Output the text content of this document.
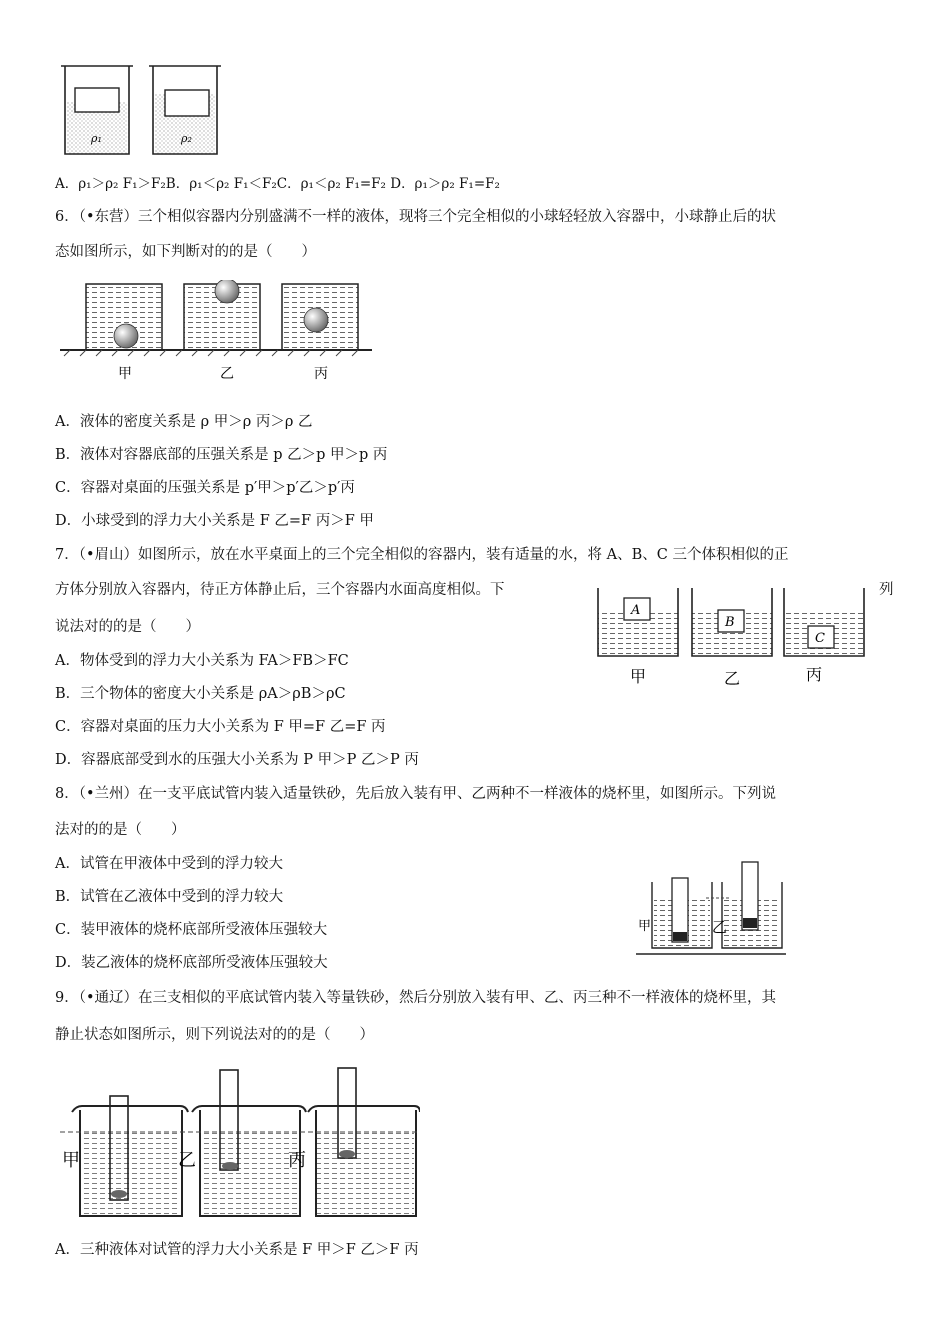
ρ₁	ρ₂
A．ρ₁＞ρ₂ F₁＞F₂B．ρ₁＜ρ₂ F₁＜F₂C．ρ₁＜ρ₂ F₁=F₂ D．ρ₁＞ρ₂ F₁=F₂
6．（•东营）三个相似容器内分别盛满不一样的液体，现将三个完全相似的小球轻轻放入容器中，小球静止后的状
态如图所示，如下判断对的的是（　　）
甲	乙	丙
A．液体的密度关系是 ρ 甲＞ρ 丙＞ρ 乙
B．液体对容器底部的压强关系是 p 乙＞p 甲＞p 丙
C．容器对桌面的压强关系是 p′甲＞p′乙＞p′丙
D．小球受到的浮力大小关系是 F 乙=F 丙＞F 甲
7．（•眉山）如图所示，放在水平桌面上的三个完全相似的容器内，装有适量的水，将 A、B、C 三个体积相似的正
方体分别放入容器内，待正方体静止后，三个容器内水面高度相似。下	列
说法对的的是（　　）
A
B
C
甲	乙	丙
A．物体受到的浮力大小关系为 FA＞FB＞FC
B．三个物体的密度大小关系是 ρA＞ρB＞ρC
C．容器对桌面的压力大小关系为 F 甲=F 乙=F 丙
D．容器底部受到水的压强大小关系为 P 甲＞P 乙＞P 丙
8．（•兰州）在一支平底试管内装入适量铁砂，先后放入装有甲、乙两种不一样液体的烧杯里，如图所示。下列说
法对的的是（　　）
A．试管在甲液体中受到的浮力较大
B．试管在乙液体中受到的浮力较大
C．装甲液体的烧杯底部所受液体压强较大
D．装乙液体的烧杯底部所受液体压强较大
甲	乙
9．（•通辽）在三支相似的平底试管内装入等量铁砂，然后分别放入装有甲、乙、丙三种不一样液体的烧杯里，其
静止状态如图所示，则下列说法对的的是（　　）
甲	乙	丙
A．三种液体对试管的浮力大小关系是 F 甲＞F 乙＞F 丙
